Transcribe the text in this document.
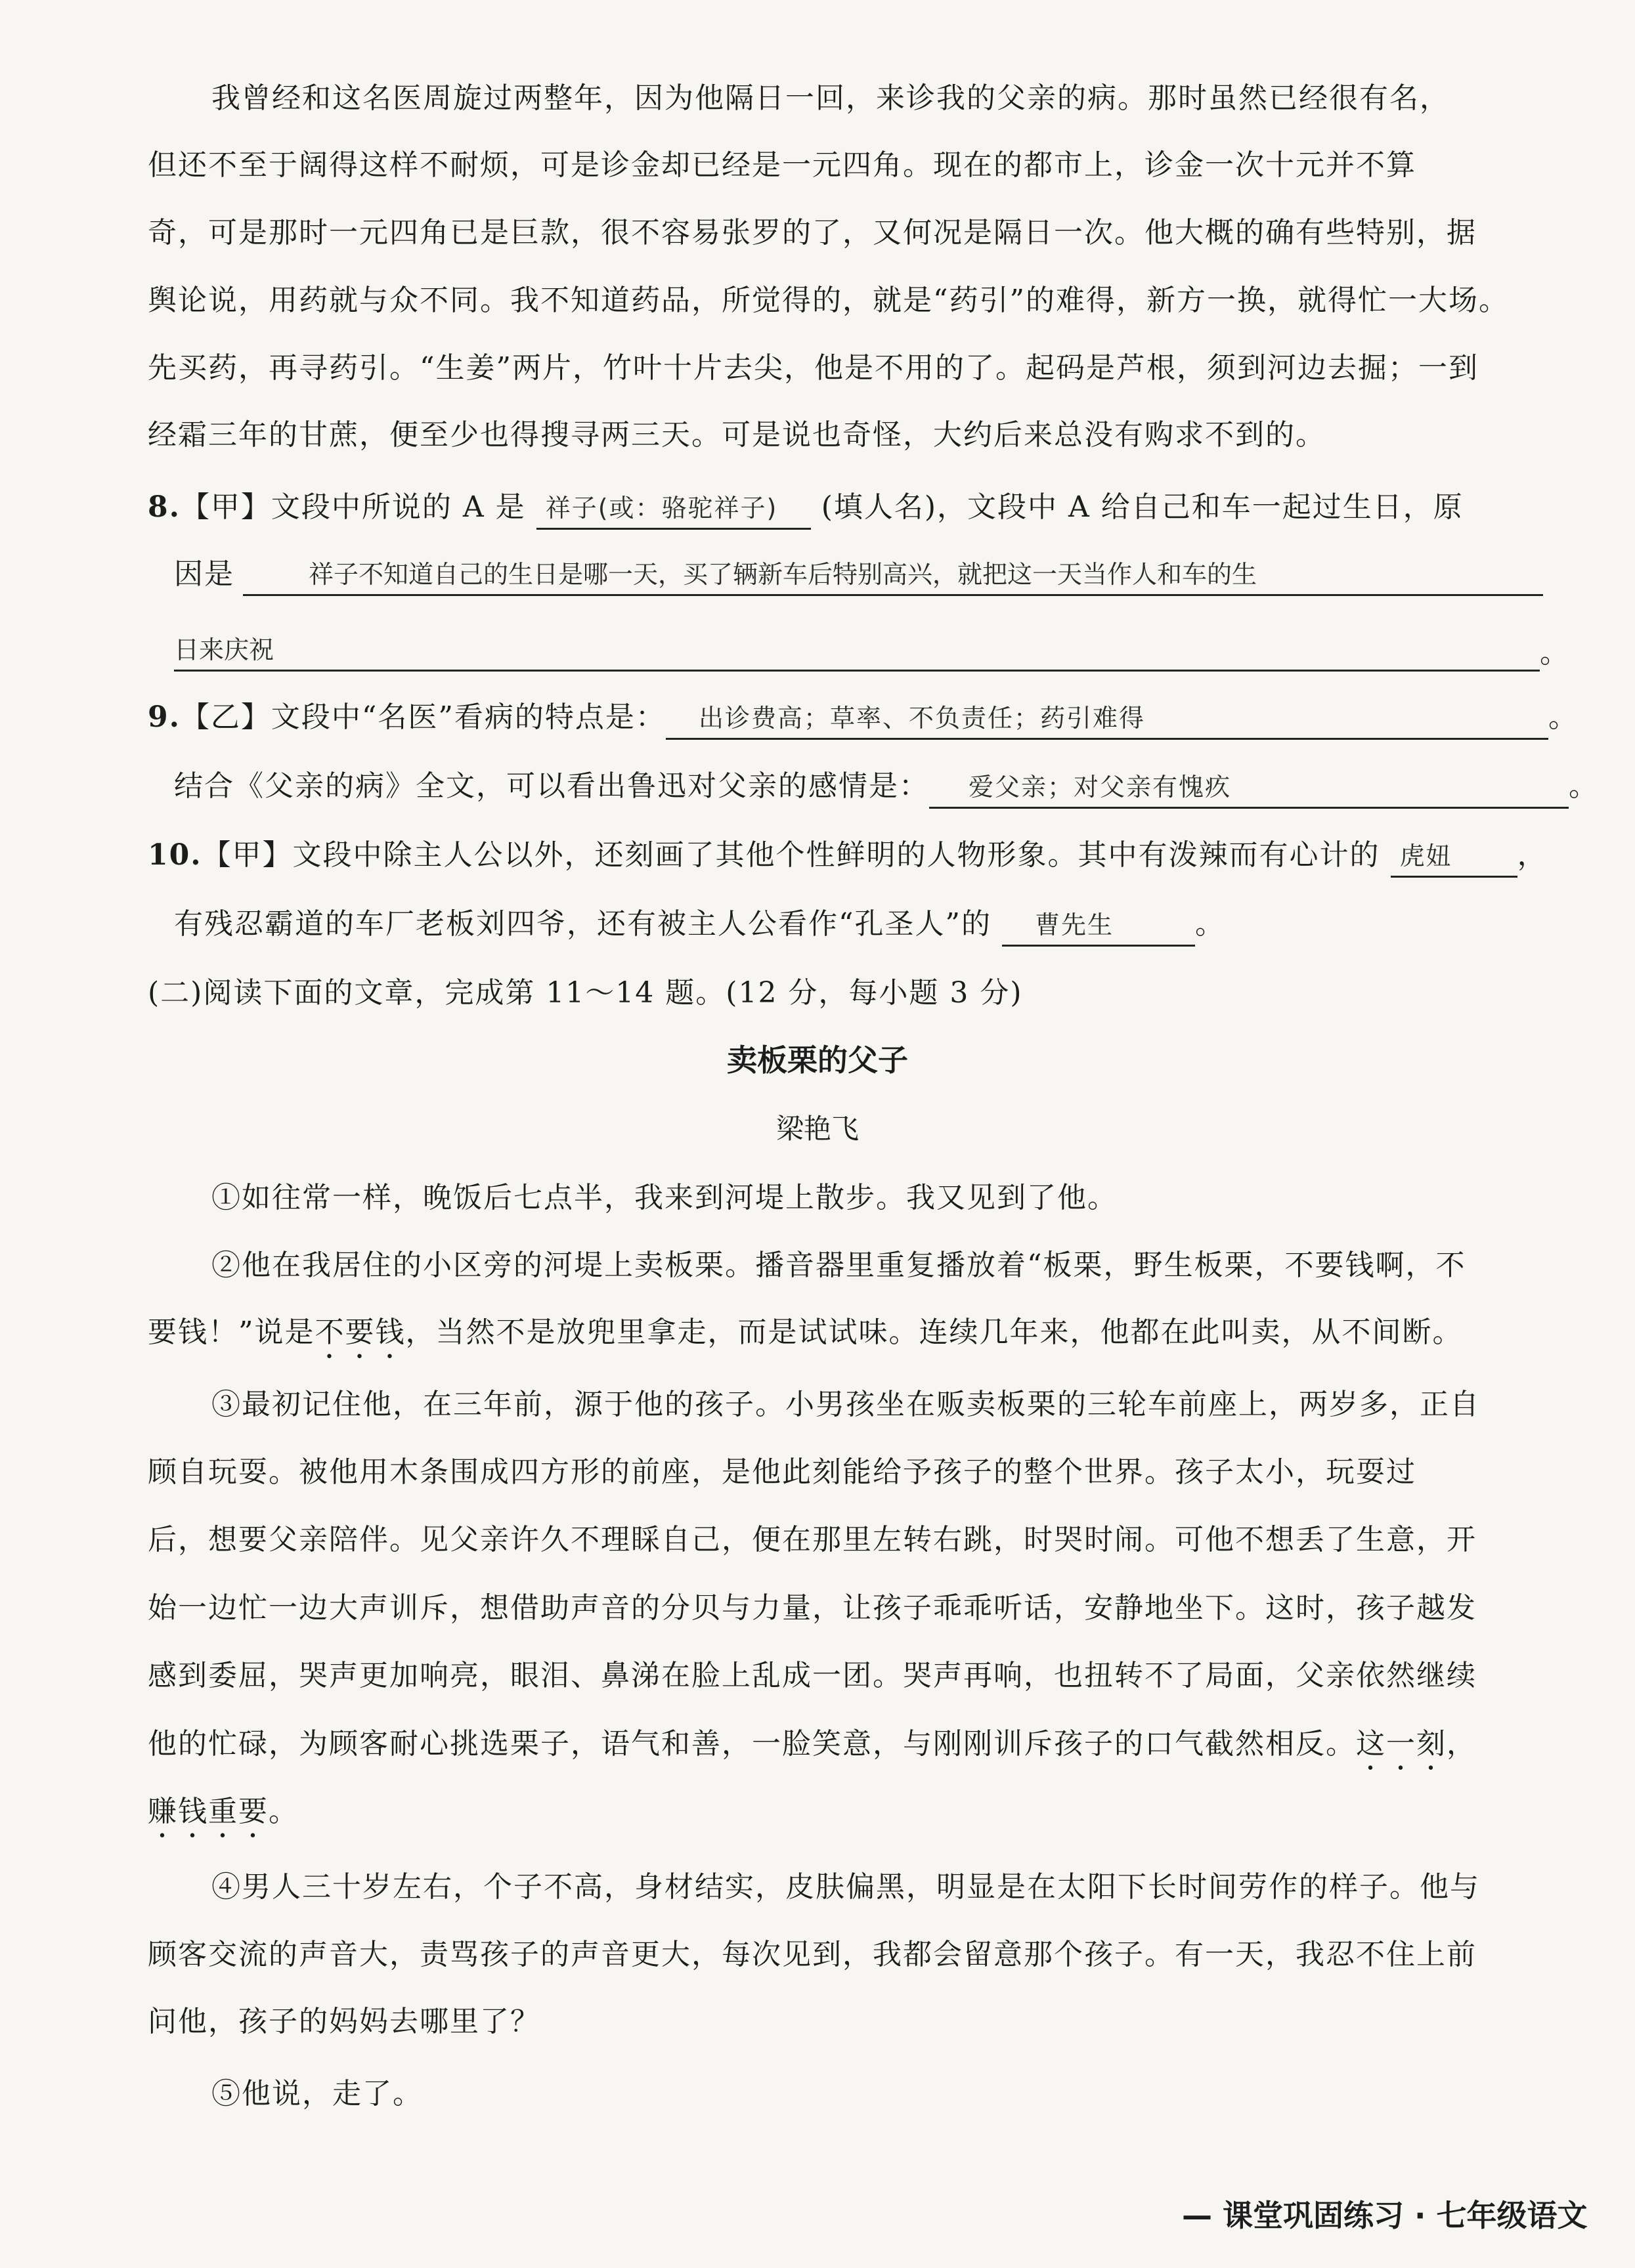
我曾经和这名医周旋过两整年，因为他隔日一回，来诊我的父亲的病。那时虽然已经很有名，
但还不至于阔得这样不耐烦，可是诊金却已经是一元四角。现在的都市上，诊金一次十元并不算
奇，可是那时一元四角已是巨款，很不容易张罗的了，又何况是隔日一次。他大概的确有些特别，据
舆论说，用药就与众不同。我不知道药品，所觉得的，就是“药引”的难得，新方一换，就得忙一大场。
先买药，再寻药引。“生姜”两片，竹叶十片去尖，他是不用的了。起码是芦根，须到河边去掘；一到
经霜三年的甘蔗，便至少也得搜寻两三天。可是说也奇怪，大约后来总没有购求不到的。
8.【甲】文段中所说的 A 是 祥子(或：骆驼祥子) (填人名)，文段中 A 给自己和车一起过生日，原
因是	祥子不知道自己的生日是哪一天，买了辆新车后特别高兴，就把这一天当作人和车的生
日来庆祝	。
9.【乙】文段中“名医”看病的特点是： 出诊费高；草率、不负责任；药引难得	。
结合《父亲的病》全文，可以看出鲁迅对父亲的感情是： 爱父亲；对父亲有愧疚	。
10.【甲】文段中除主人公以外，还刻画了其他个性鲜明的人物形象。其中有泼辣而有心计的 虎妞 ，
有残忍霸道的车厂老板刘四爷，还有被主人公看作“孔圣人”的 曹先生	。
(二)阅读下面的文章，完成第 11～14 题。(12 分，每小题 3 分)
卖板栗的父子
梁艳飞
①如往常一样，晚饭后七点半，我来到河堤上散步。我又见到了他。
②他在我居住的小区旁的河堤上卖板栗。播音器里重复播放着“板栗，野生板栗，不要钱啊，不
要钱！”说是不要钱，当然不是放兜里拿走，而是试试味。连续几年来，他都在此叫卖，从不间断。
③最初记住他，在三年前，源于他的孩子。小男孩坐在贩卖板栗的三轮车前座上，两岁多，正自
顾自玩耍。被他用木条围成四方形的前座，是他此刻能给予孩子的整个世界。孩子太小，玩耍过
后，想要父亲陪伴。见父亲许久不理睬自己，便在那里左转右跳，时哭时闹。可他不想丢了生意，开
始一边忙一边大声训斥，想借助声音的分贝与力量，让孩子乖乖听话，安静地坐下。这时，孩子越发
感到委屈，哭声更加响亮，眼泪、鼻涕在脸上乱成一团。哭声再响，也扭转不了局面，父亲依然继续
他的忙碌，为顾客耐心挑选栗子，语气和善，一脸笑意，与刚刚训斥孩子的口气截然相反。这一刻，
赚钱重要。
④男人三十岁左右，个子不高，身材结实，皮肤偏黑，明显是在太阳下长时间劳作的样子。他与
顾客交流的声音大，责骂孩子的声音更大，每次见到，我都会留意那个孩子。有一天，我忍不住上前
问他，孩子的妈妈去哪里了？
⑤他说，走了。
— 课堂巩固练习 · 七年级语文
